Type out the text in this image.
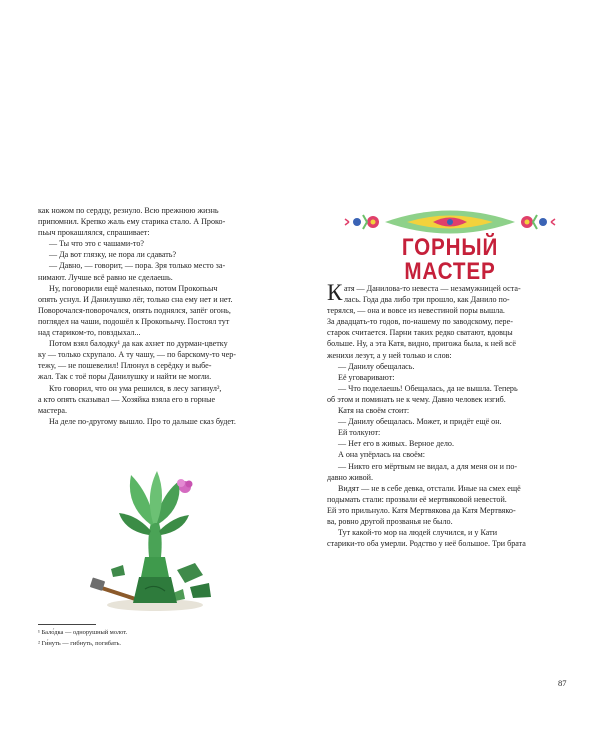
как ножом по сердцу, резнуло. Всю прежнюю жизнь
припомнил. Крепко жаль ему старика стало. А Проко-
пьыч прокашлялся, спрашивает:
— Ты что это с чашами-то?
— Да вот глязку, не пора ли сдавать?
— Давно, — говорит, — пора. Зря только место за-
нимают. Лучше всё равно не сделаешь.
Ну, поговорили ещё маленько, потом Прокопьыч
опять уснул. И Данилушко лёг, только сна ему нет и нет.
Поворочался-поворочался, опять поднялся, запёг огонь,
поглядел на чаши, подошёл к Прокопьычу. Постоял тут
над стариком-то, повздыхал...
Потом взял балодку¹ да как ахнет по дурман-цветку
ку — только схрупало. А ту чашу, — по барскому-то чер-
тежу, — не пошевелил! Плюнул в серёдку и выбе-
жал. Так с тоё поры Данилушку и найти не могли.
Кто говорил, что он ума решился, в лесу загинул²,
а кто опять сказывал — Хозяйка взяла его в горные
мастера.
На деле по-другому вышло. Про то дальше сказ будет.
¹ Бало́дка — однорушный молот.
² Ги́нуть — гибнуть, погибать.
ГОРНЫЙ
МАСТЕР
К атя — Данилова-то невеста — незамужницей оста-
лась. Года два либо три прошло, как Данило по-
терялся, — она и вовсе из невестиной поры вышла.
За двадцать-то годов, по-нашему по заводскому, пере-
старок считается. Парни таких редко сватают, вдовцы
больше. Ну, а эта Катя, видно, пригожа была, к ней всё
женихи лезут, а у ней только и слов:
— Данилу обещалась.
Её уговаривают:
— Что поделаешь! Обещалась, да не вышла. Теперь
об этом и поминать не к чему. Давно человек изгиб.
Катя на своём стоит:
— Данилу обещалась. Может, и придёт ещё он.
Ей толкуют:
— Нет его в живых. Верное дело.
А она упёрлась на своём:
— Никто его мёртвым не видал, а для меня он и по-
давно живой.
Видят — не в себе девка, отстали. Иные на смех ещё
подымать стали: прозвали её мертвяковой невестой.
Ей это прильнуло. Катя Мертвякова да Катя Мертвяко-
ва, ровно другой прозванья не было.
Тут какой-то мор на людей случился, и у Кати
старики-то оба умерли. Родство у неё большое. Три брата
87
